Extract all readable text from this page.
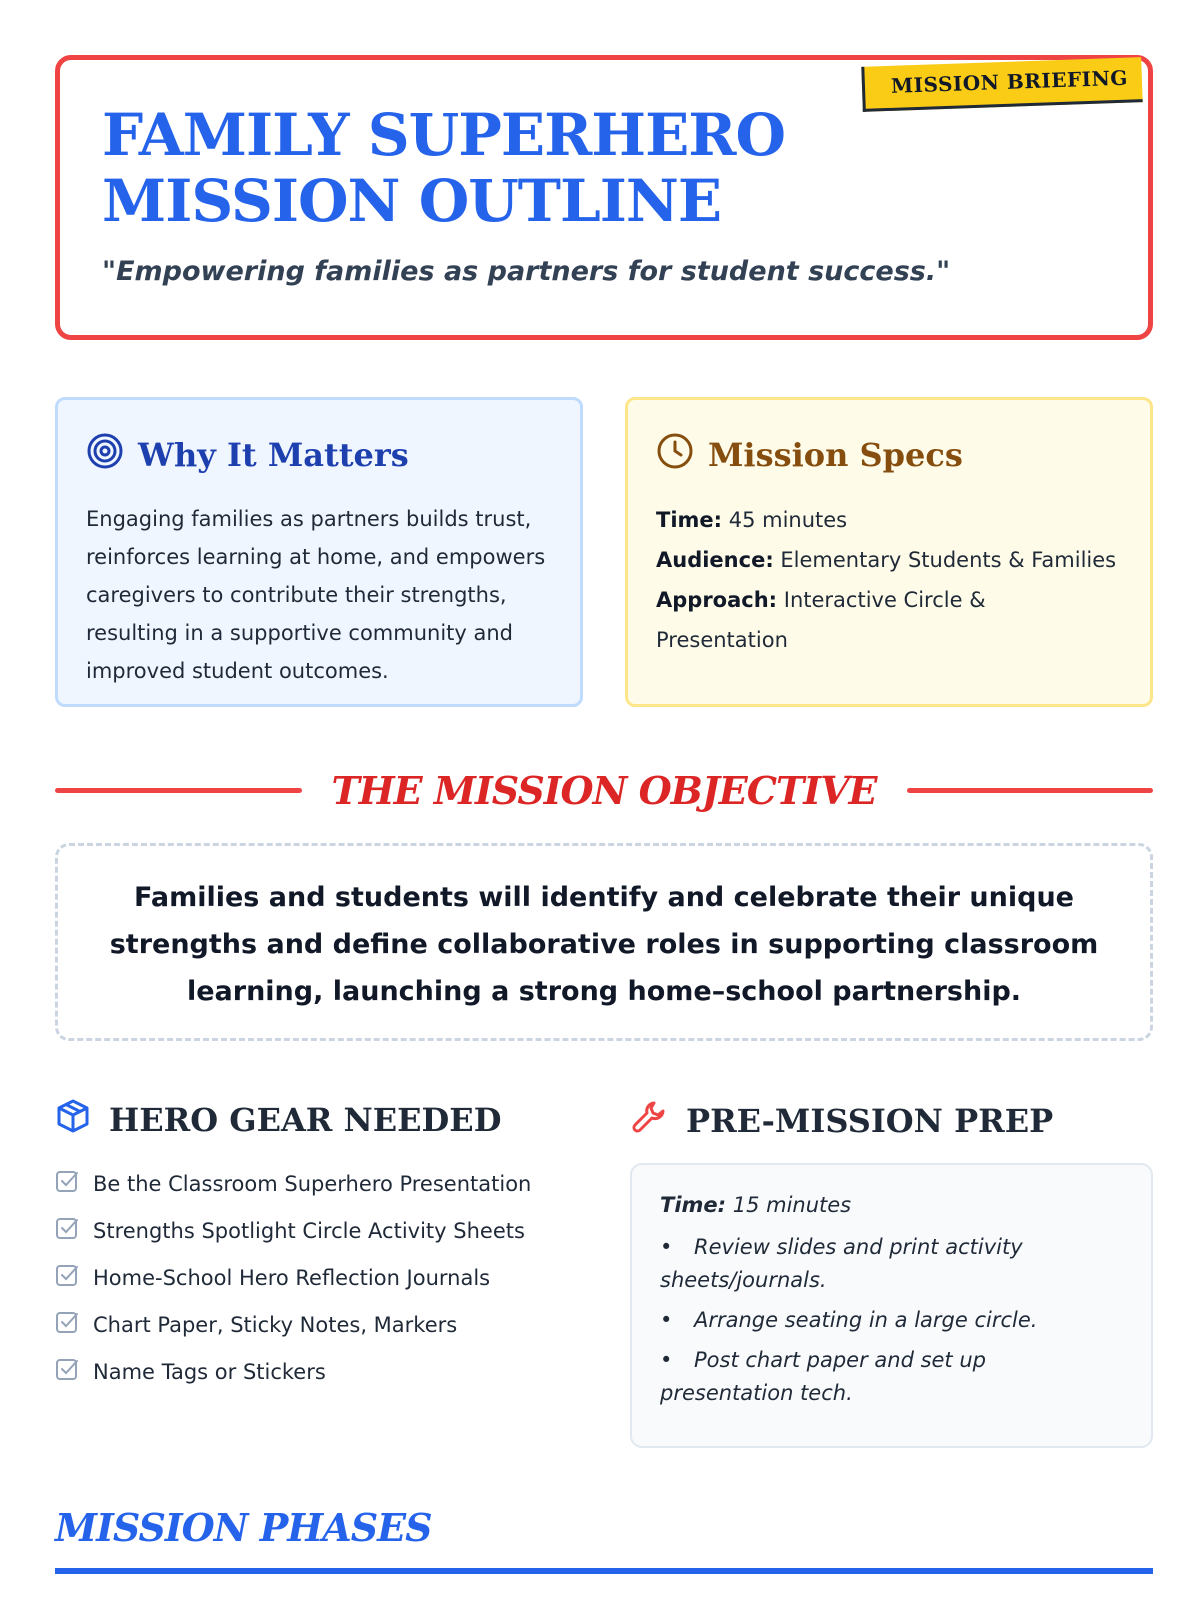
MISSION BRIEFING
FAMILY SUPERHERO MISSION OUTLINE

"Empowering families as partners for student success."

Why It Matters

Engaging families as partners builds trust, reinforces learning at home, and empowers caregivers to contribute their strengths, resulting in a supportive community and improved student outcomes.

Mission Specs
Time: 45 minutes
Audience: Elementary Students & Families
Approach: Interactive Circle & Presentation
THE MISSION OBJECTIVE
Families and students will identify and celebrate their unique strengths and define collaborative roles in supporting classroom learning, launching a strong home–school partnership.
HERO GEAR NEEDED
Be the Classroom Superhero Presentation
Strengths Spotlight Circle Activity Sheets
Home-School Hero Reflection Journals
Chart Paper, Sticky Notes, Markers
Name Tags or Stickers
PRE-MISSION PREP
Time: 15 minutes
• Review slides and print activity sheets/journals.
• Arrange seating in a large circle.
• Post chart paper and set up presentation tech.
MISSION PHASES
